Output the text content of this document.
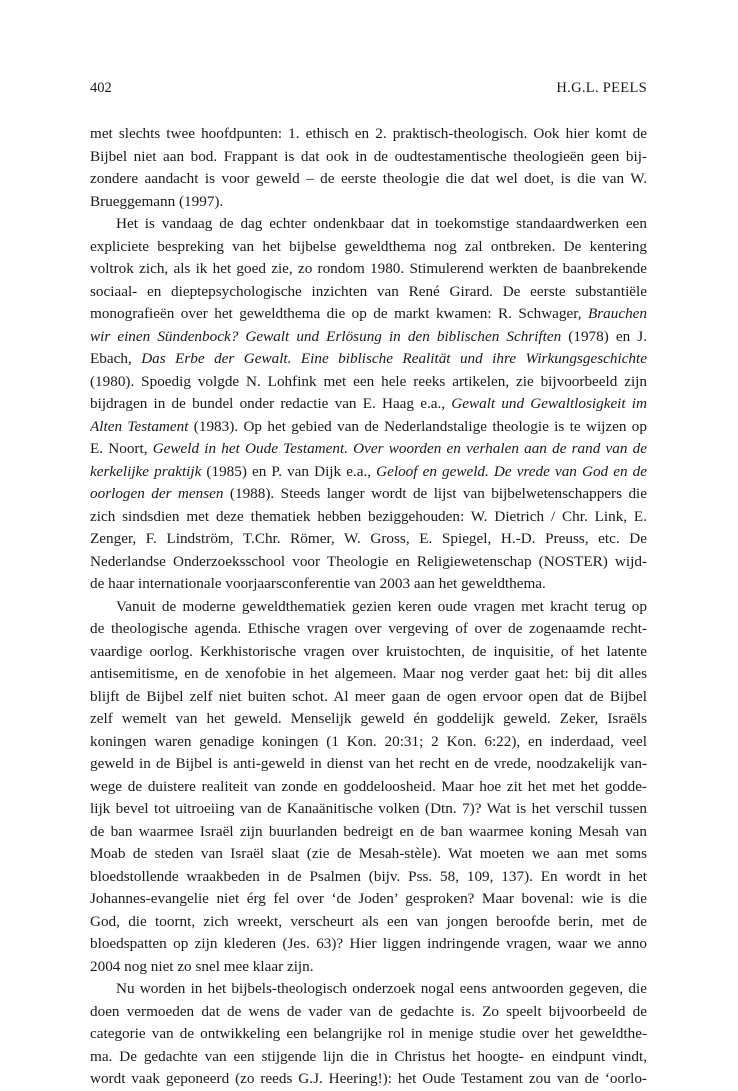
402	H.G.L. PEELS
met slechts twee hoofdpunten: 1. ethisch en 2. praktisch-theologisch. Ook hier komt de
Bijbel niet aan bod. Frappant is dat ook in de oudtestamentische theologieën geen bij-
zondere aandacht is voor geweld – de eerste theologie die dat wel doet, is die van W.
Brueggemann (1997).
Het is vandaag de dag echter ondenkbaar dat in toekomstige standaardwerken een
expliciete bespreking van het bijbelse geweldthema nog zal ontbreken. De kentering
voltrok zich, als ik het goed zie, zo rondom 1980. Stimulerend werkten de baanbrekende
sociaal- en dieptepsychologische inzichten van René Girard. De eerste substantiële
monografieën over het geweldthema die op de markt kwamen: R. Schwager, Brauchen
wir einen Sündenbock? Gewalt und Erlösung in den biblischen Schriften (1978) en J.
Ebach, Das Erbe der Gewalt. Eine biblische Realität und ihre Wirkungsgeschichte
(1980). Spoedig volgde N. Lohfink met een hele reeks artikelen, zie bijvoorbeeld zijn
bijdragen in de bundel onder redactie van E. Haag e.a., Gewalt und Gewaltlosigkeit im
Alten Testament (1983). Op het gebied van de Nederlandstalige theologie is te wijzen op
E. Noort, Geweld in het Oude Testament. Over woorden en verhalen aan de rand van de
kerkelijke praktijk (1985) en P. van Dijk e.a., Geloof en geweld. De vrede van God en de
oorlogen der mensen (1988). Steeds langer wordt de lijst van bijbelwetenschappers die
zich sindsdien met deze thematiek hebben beziggehouden: W. Dietrich / Chr. Link, E.
Zenger, F. Lindström, T.Chr. Römer, W. Gross, E. Spiegel, H.-D. Preuss, etc. De
Nederlandse Onderzoeksschool voor Theologie en Religiewetenschap (NOSTER) wijd-
de haar internationale voorjaarsconferentie van 2003 aan het geweldthema.
Vanuit de moderne geweldthematiek gezien keren oude vragen met kracht terug op
de theologische agenda. Ethische vragen over vergeving of over de zogenaamde recht-
vaardige oorlog. Kerkhistorische vragen over kruistochten, de inquisitie, of het latente
antisemitisme, en de xenofobie in het algemeen. Maar nog verder gaat het: bij dit alles
blijft de Bijbel zelf niet buiten schot. Al meer gaan de ogen ervoor open dat de Bijbel
zelf wemelt van het geweld. Menselijk geweld én goddelijk geweld. Zeker, Israëls
koningen waren genadige koningen (1 Kon. 20:31; 2 Kon. 6:22), en inderdaad, veel
geweld in de Bijbel is anti-geweld in dienst van het recht en de vrede, noodzakelijk van-
wege de duistere realiteit van zonde en goddeloosheid. Maar hoe zit het met het godde-
lijk bevel tot uitroeiing van de Kanaänitische volken (Dtn. 7)? Wat is het verschil tussen
de ban waarmee Israël zijn buurlanden bedreigt en de ban waarmee koning Mesah van
Moab de steden van Israël slaat (zie de Mesah-stèle). Wat moeten we aan met soms
bloedstollende wraakbeden in de Psalmen (bijv. Pss. 58, 109, 137). En wordt in het
Johannes-evangelie niet érg fel over ‘de Joden’ gesproken? Maar bovenal: wie is die
God, die toornt, zich wreekt, verscheurt als een van jongen beroofde berin, met de
bloedspatten op zijn klederen (Jes. 63)? Hier liggen indringende vragen, waar we anno
2004 nog niet zo snel mee klaar zijn.
Nu worden in het bijbels-theologisch onderzoek nogal eens antwoorden gegeven, die
doen vermoeden dat de wens de vader van de gedachte is. Zo speelt bijvoorbeeld de
categorie van de ontwikkeling een belangrijke rol in menige studie over het geweldthe-
ma. De gedachte van een stijgende lijn die in Christus het hoogte- en eindpunt vindt,
wordt vaak geponeerd (zo reeds G.J. Heering!): het Oude Testament zou van de ‘oorlo-
